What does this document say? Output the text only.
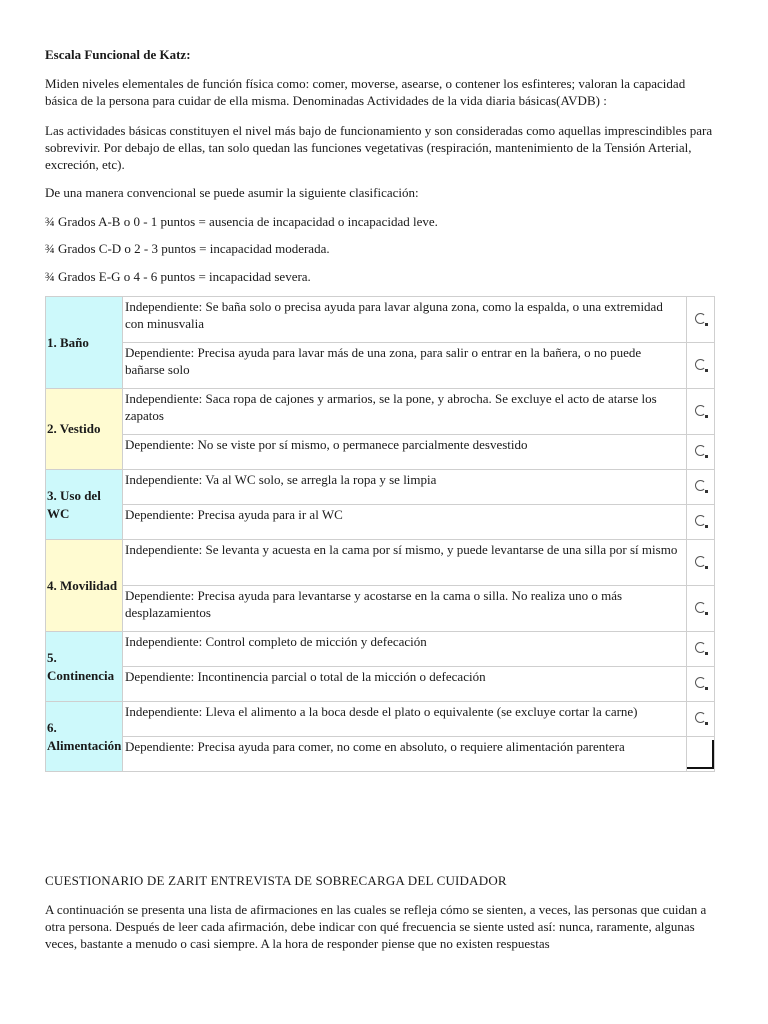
Escala Funcional de Katz:
Miden niveles elementales de función física como: comer, moverse, asearse, o contener los esfinteres; valoran la capacidad básica de la persona para cuidar de ella misma. Denominadas Actividades de la vida diaria básicas(AVDB) :
Las actividades básicas constituyen el nivel más bajo de funcionamiento y son consideradas como aquellas imprescindibles para sobrevivir. Por debajo de ellas, tan solo quedan las funciones vegetativas (respiración, mantenimiento de la Tensión Arterial, excreción, etc).
De una manera convencional se puede asumir la siguiente clasificación:
¾ Grados A-B o 0 - 1 puntos = ausencia de incapacidad o incapacidad leve.
¾ Grados C-D o 2 - 3 puntos = incapacidad moderada.
¾ Grados E-G o 4 - 6 puntos = incapacidad severa.
1. Baño	Independiente: Se baña solo o precisa ayuda para lavar alguna zona, como la espalda, o una extremidad con minusvalia	
	Dependiente: Precisa ayuda para lavar más de una zona, para salir o entrar en la bañera, o no puede bañarse solo	
2. Vestido	Independiente: Saca ropa de cajones y armarios, se la pone, y abrocha. Se excluye el acto de atarse los zapatos	
	Dependiente: No se viste por sí mismo, o permanece parcialmente desvestido	
3. Uso del WC	Independiente: Va al WC solo, se arregla la ropa y se limpia	
	Dependiente: Precisa ayuda para ir al WC	
4. Movilidad	Independiente: Se levanta y acuesta en la cama por sí mismo, y puede levantarse de una silla por sí mismo	
	Dependiente: Precisa ayuda para levantarse y acostarse en la cama o silla. No realiza uno o más desplazamientos	
5. Continencia	Independiente: Control completo de micción y defecación	
	Dependiente: Incontinencia parcial o total de la micción o defecación	
6. Alimentación	Independiente: Lleva el alimento a la boca desde el plato o equivalente (se excluye cortar la carne)	
	Dependiente: Precisa ayuda para comer, no come en absoluto, o requiere alimentación parentera	
CUESTIONARIO DE ZARIT ENTREVISTA DE SOBRECARGA DEL CUIDADOR
A continuación se presenta una lista de afirmaciones en las cuales se refleja cómo se sienten, a veces, las personas que cuidan a otra persona. Después de leer cada afirmación, debe indicar con qué frecuencia se siente usted así: nunca, raramente, algunas veces, bastante a menudo o casi siempre. A la hora de responder piense que no existen respuestas
